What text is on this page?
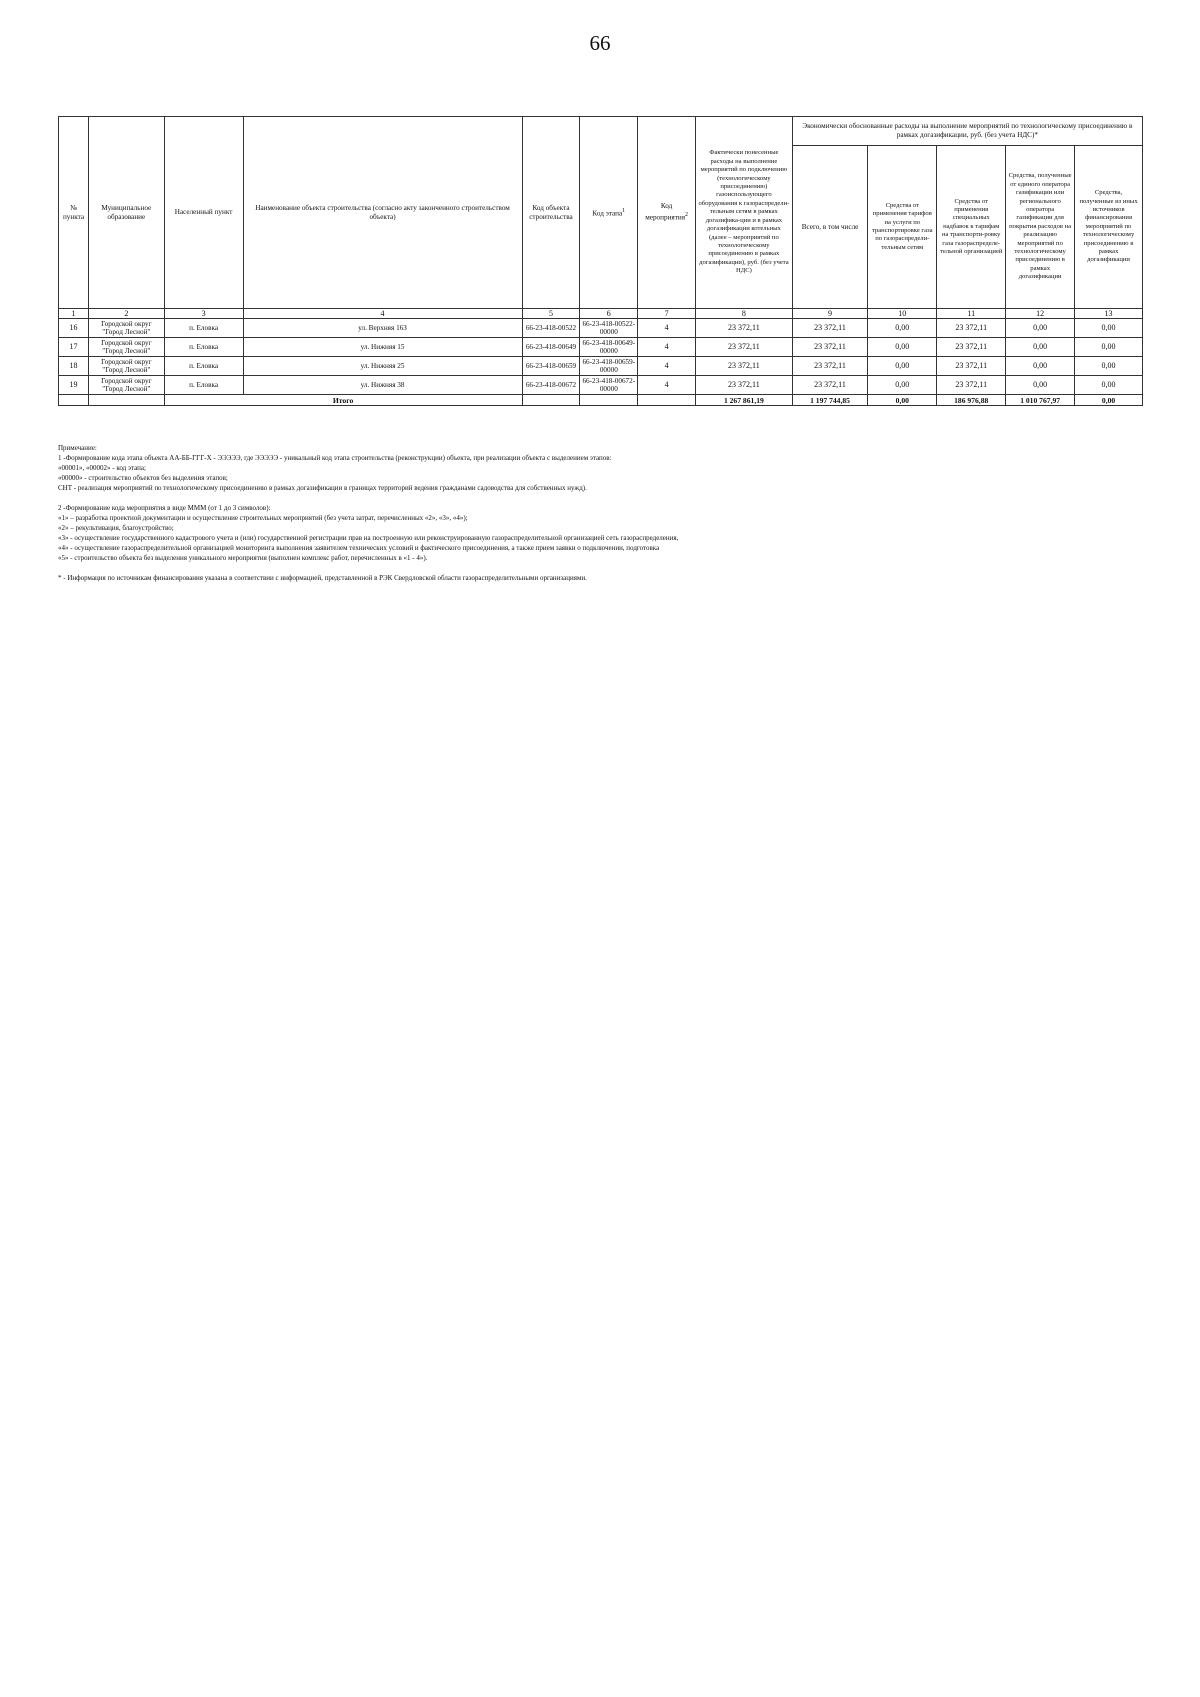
66
№ пункта	Муниципальное образование	Населенный пункт	Наименование объекта строительства (согласно акту законченного строительством объекта)	Код объекта строительства	Код этапа$^1$	Код мероприятия$^2$	Фактически понесенные расходы на выполнение мероприятий по подключению (технологическому присоединению) газоиспользующего оборудования к газораспредели-тельным сетям в рамках догазифика-ции и в рамках догазификации котельных (далее – мероприятий по технологическому присоединению в рамках догазификации), руб. (без учета НДС)	Экономически обоснованные расходы на выполнение мероприятий по технологическому присоединению в рамках догазификации, руб. (без учета НДС)*				
								Всего, в том числе	Средства от применения тарифов на услуги по транспортировке газа по газораспредели-тельным сетям	Средства от применения специальных надбавок к тарифам на транспорти-ровку газа газораспределе-тельной организацией	Средства, полученные от единого оператора газификации или регионального оператора газификации для покрытия расходов на реализацию мероприятий по технологическому присоединению в рамках догазификации	Средства, полученные из иных источников финансирования мероприятий по технологическому присоединению в рамках догазификации
1	2	3	4	5	6	7	8	9	10	11	12	13
16	Городской округ "Город Лесной"	п. Еловка	ул. Верхняя 16З	66-23-418-00522	66-23-418-00522-00000	4	23 372,11	23 372,11	0,00	23 372,11	0,00	0,00
17	Городской округ "Город Лесной"	п. Еловка	ул. Нижняя 15	66-23-418-00649	66-23-418-00649-00000	4	23 372,11	23 372,11	0,00	23 372,11	0,00	0,00
18	Городской округ "Город Лесной"	п. Еловка	ул. Нижняя 25	66-23-418-00659	66-23-418-00659-00000	4	23 372,11	23 372,11	0,00	23 372,11	0,00	0,00
19	Городской округ "Город Лесной"	п. Еловка	ул. Нижняя 38	66-23-418-00672	66-23-418-00672-00000	4	23 372,11	23 372,11	0,00	23 372,11	0,00	0,00
		Итого					1 267 861,19	1 197 744,85	0,00	186 976,88	1 010 767,97	0,00

Примечание:

1 -Формирование кода этапа объекта АА-ББ-ГГГ-Х - ЭЭЭЭЭ, где ЭЭЭЭЭ - уникальный код этапа строительства (реконструкции) объекта, при реализации объекта с выделением этапов:

«00001», «00002» - код этапа;

«00000» - строительство объектов без выделения этапов;

СНТ - реализация мероприятий по технологическому присоединению в рамках догазификации в границах территорий ведения гражданами садоводства для собственных нужд).

2 -Формирование кода мероприятия в виде МММ (от 1 до 3 символов):

«1» – разработка проектной документации и осуществление строительных мероприятий (без учета затрат, перечисленных «2», «3», «4»);

«2» – рекультивация, благоустройство;

«3» - осуществление государственного кадастрового учета и (или) государственной регистрации прав на построенную или реконструированную газораспределительной организацией сеть газораспределения,

«4» - осуществление газораспределительной организацией мониторинга выполнения заявителем технических условий и фактического присоединения, а также прием заявки о подключении, подготовка

«5» - строительство объекта без выделения уникального мероприятия (выполнен комплекс работ, перечисленных в «1 - 4»).

* - Информация по источникам финансирования указана в соответствии с информацией, представленной в РЭК Свердловской области газораспределительными организациями.
